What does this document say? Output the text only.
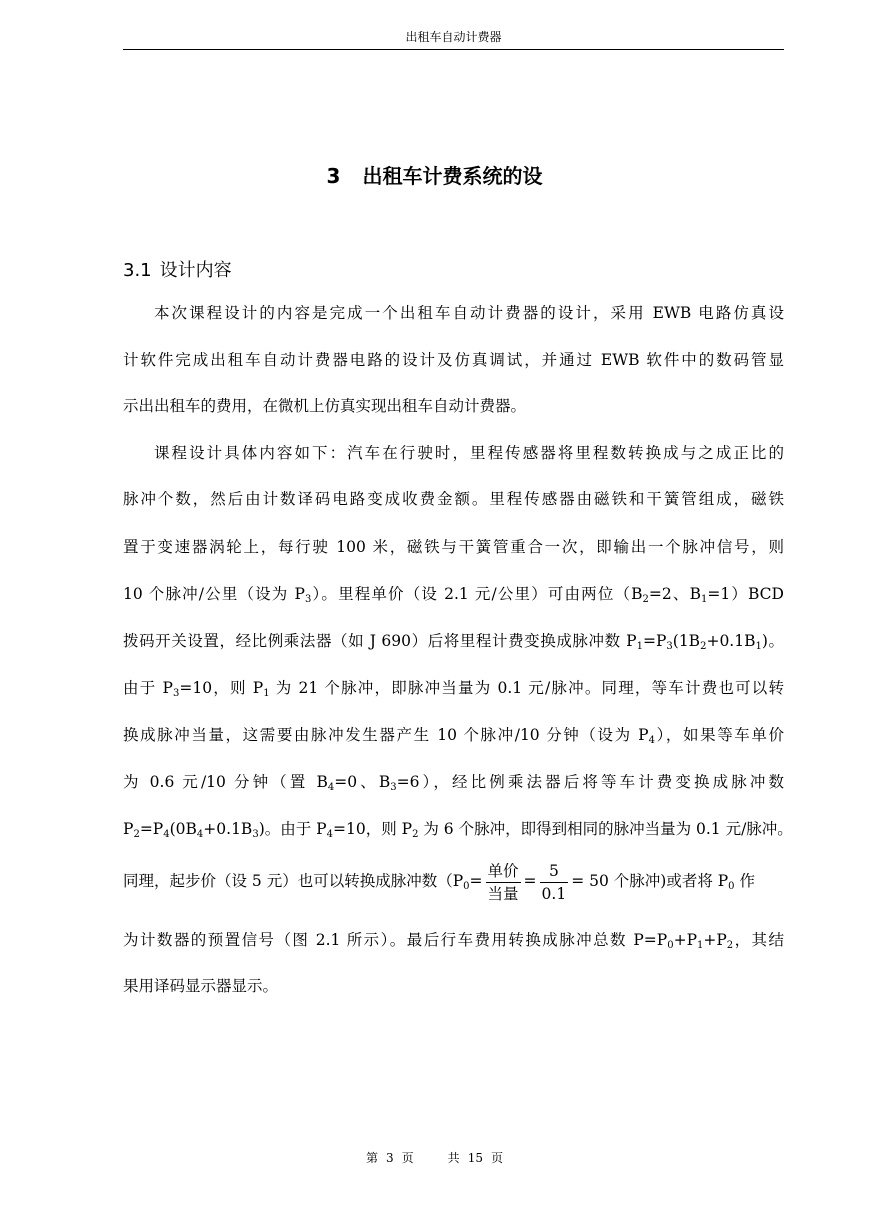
出租车自动计费器
3 出租车计费系统的设
3.1 设计内容
本次课程设计的内容是完成一个出租车自动计费器的设计，采用 EWB 电路仿真设
计软件完成出租车自动计费器电路的设计及仿真调试，并通过 EWB 软件中的数码管显
示出出租车的费用，在微机上仿真实现出租车自动计费器。
课程设计具体内容如下：汽车在行驶时，里程传感器将里程数转换成与之成正比的
脉冲个数，然后由计数译码电路变成收费金额。里程传感器由磁铁和干簧管组成，磁铁
置于变速器涡轮上，每行驶 100 米，磁铁与干簧管重合一次，即输出一个脉冲信号，则
10 个脉冲/公里（设为 $P_3$）。里程单价（设 2.1 元/公里）可由两位（$B_2=2$、$B_1=1)BCD$
拨码开关设置，经比例乘法器（如 J 690）后将里程计费变换成脉冲数 $P_1=P_3(1B_2+0.1B_1)$。
由于 $P_3=10$，则 $P_1$ 为 21 个脉冲，即脉冲当量为 0.1 元/脉冲。同理，等车计费也可以转
换成脉冲当量，这需要由脉冲发生器产生 10 个脉冲/10 分钟（设为 $P_4$），如果等车单价
为 0.6 元/10 分钟（置 $B_4=0$、$B_3=6$），经比例乘法器后将等车计费变换成脉冲数
$P_2=P_4(0B_4+0.1B_3)$。由于 $P_4=10$，则 $P_2$ 为 6 个脉冲，即得到相同的脉冲当量为 0.1 元/脉冲。
同理，起步价（设 5 元）也可以转换成脉冲数（$P_0= \frac{\text{单价}}{\text{当量}} = \frac{5}{0.1} = 50$ 个脉冲)或者将 $P_0$ 作
为计数器的预置信号（图 2.1 所示）。最后行车费用转换成脉冲总数 $P=P_0+P_1+P_2$，其结
果用译码显示器显示。
第 3 页	共 15 页
